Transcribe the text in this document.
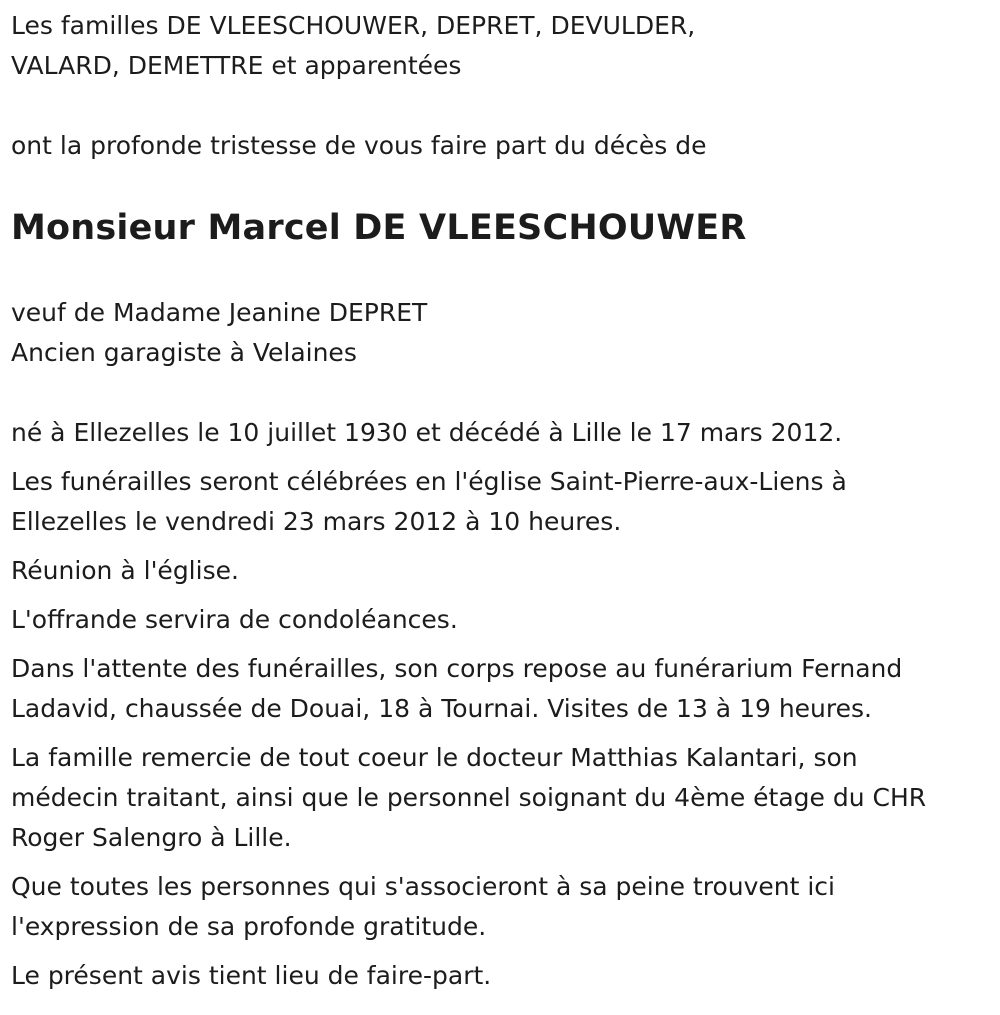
Les familles DE VLEESCHOUWER, DEPRET, DEVULDER,

VALARD, DEMETTRE et apparentées

ont la profonde tristesse de vous faire part du décès de

Monsieur Marcel DE VLEESCHOUWER

veuf de Madame Jeanine DEPRET

Ancien garagiste à Velaines

né à Ellezelles le 10 juillet 1930 et décédé à Lille le 17 mars 2012.

Les funérailles seront célébrées en l'église Saint-Pierre-aux-Liens à

Ellezelles le vendredi 23 mars 2012 à 10 heures.

Réunion à l'église.

L'offrande servira de condoléances.

Dans l'attente des funérailles, son corps repose au funérarium Fernand

Ladavid, chaussée de Douai, 18 à Tournai. Visites de 13 à 19 heures.

La famille remercie de tout coeur le docteur Matthias Kalantari, son

médecin traitant, ainsi que le personnel soignant du 4ème étage du CHR

Roger Salengro à Lille.

Que toutes les personnes qui s'associeront à sa peine trouvent ici

l'expression de sa profonde gratitude.

Le présent avis tient lieu de faire-part.
